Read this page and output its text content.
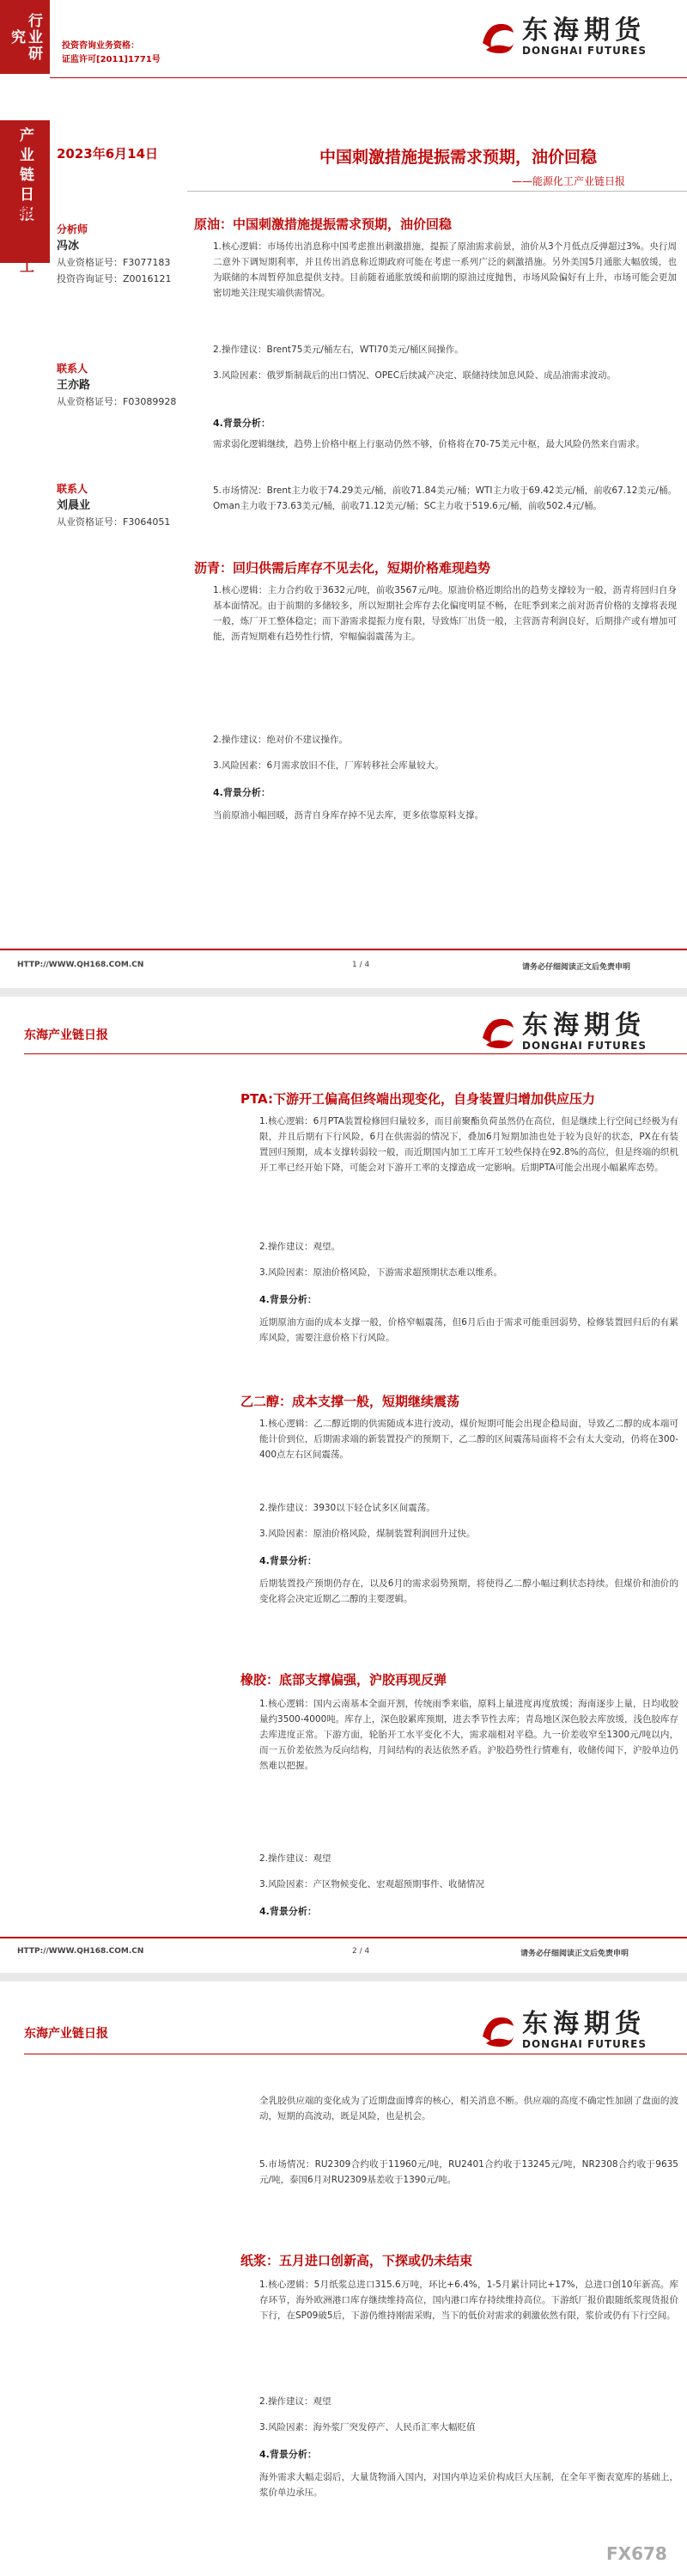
行业研究
产业链日报
能源化工
投资咨询业务资格：
证监许可[2011]1771号
东海期货
DONGHAI FUTURES
2023年6月14日	中国刺激措施提振需求预期，油价回稳
——能源化工产业链日报
分析师
冯冰
从业资格证号：F3077183
投资咨询证号：Z0016121
联系人
王亦路
从业资格证号：F03089928
联系人
刘晨业
从业资格证号：F3064051
原油：中国刺激措施提振需求预期，油价回稳
1.核心逻辑：市场传出消息称中国考虑推出刺激措施，提振了原油需求前景，油价从3个月低点反弹超过3%。央行周二意外下调短期利率，并且传出消息称近期政府可能在考虑一系列广泛的刺激措施。另外美国5月通胀大幅放缓，也为联储的本周暂停加息提供支持。目前随着通胀放缓和前期的原油过度抛售，市场风险偏好有上升，市场可能会更加密切地关注现实端供需情况。
2.操作建议：Brent75美元/桶左右，WTI70美元/桶区间操作。
3.风险因素：俄罗斯制裁后的出口情况、OPEC后续减产决定、联储持续加息风险、成品油需求波动。
4.背景分析：
需求弱化逻辑继续，趋势上价格中枢上行驱动仍然不够，价格将在70-75美元中枢，最大风险仍然来自需求。
5.市场情况：Brent主力收于74.29美元/桶，前收71.84美元/桶；WTI主力收于69.42美元/桶，前收67.12美元/桶。Oman主力收于73.63美元/桶，前收71.12美元/桶；SC主力收于519.6元/桶，前收502.4元/桶。
沥青：回归供需后库存不见去化，短期价格难现趋势
1.核心逻辑：主力合约收于3632元/吨，前收3567元/吨。原油价格近期给出的趋势支撑较为一般，沥青将回归自身基本面情况。由于前期的多储较多，所以短期社会库存去化偏度明显不畅，在旺季到来之前对沥青价格的支撑将表现一般，炼厂开工整体稳定；而下游需求提振力度有限，导致炼厂出货一般，主营沥青利润良好，后期排产或有增加可能，沥青短期难有趋势性行情，窄幅偏弱震荡为主。
2.操作建议：绝对价不建议操作。
3.风险因素：6月需求放旧不佳，厂库转移社会库量较大。
4.背景分析：
当前原油小幅回暖，沥青自身库存掉不见去库，更多依靠原料支撑。
HTTP://WWW.QH168.COM.CN	1 / 4	请务必仔细阅读正文后免责申明
东海产业链日报	东海期货
DONGHAI FUTURES
PTA:下游开工偏高但终端出现变化，自身装置归增加供应压力
1.核心逻辑：6月PTA装置检修回归量较多，而目前聚酯负荷虽然仍在高位，但是继续上行空间已经极为有限，并且后期有下行风险，6月在供需弱的情况下，叠加6月短期加油也处于较为良好的状态，PX在有装置回归预期，成本支撑转弱较一般，而近期国内加工工库开工较些保持在92.8%的高位，但是终端的织机开工率已经开始下降，可能会对下游开工率的支撑造成一定影响。后期PTA可能会出现小幅累库态势。
2.操作建议：观望。
3.风险因素：原油价格风险，下游需求超预期状态难以维系。
4.背景分析：
近期原油方面的成本支撑一般，价格窄幅震荡，但6月后由于需求可能重回弱势，检修装置回归后的有累库风险，需要注意价格下行风险。
乙二醇：成本支撑一般，短期继续震荡
1.核心逻辑：乙二醇近期的供需随成本进行波动，煤价短期可能会出现企稳局面，导致乙二醇的成本端可能计价到位，后期需求端的新装置投产的预期下，乙二醇的区间震荡局面将不会有太大变动，仍将在300-400点左右区间震荡。
2.操作建议：3930以下轻仓试多区间震荡。
3.风险因素：原油价格风险，煤制装置利润回升过快。
4.背景分析：
后期装置投产预期仍存在，以及6月的需求弱势预期，将使得乙二醇小幅过剩状态持续。但煤价和油价的变化将会决定近期乙二醇的主要逻辑。
橡胶：底部支撑偏强，沪胶再现反弹
1.核心逻辑：国内云南基本全面开割，传统雨季来临，原料上量进度再度放缓；海南逐步上量，日均收胶量约3500-4000吨。库存上，深色胶累库预期，进去季节性去库；青岛地区深色胶去库放缓，浅色胶库存去库进度正常。下游方面，轮胎开工水平变化不大，需求端相对平稳。九一价差收窄至1300元/吨以内，而一五价差依然为反向结构，月间结构的表达依然矛盾。沪胶趋势性行情难有，收储传闻下，沪胶单边仍然难以把握。
2.操作建议：观望
3.风险因素：产区物候变化、宏观超预期事件、收储情况
4.背景分析：
HTTP://WWW.QH168.COM.CN	2 / 4	请务必仔细阅读正文后免责申明
东海产业链日报	东海期货
DONGHAI FUTURES
全乳胶供应端的变化成为了近期盘面博弈的核心，相关消息不断。供应端的高度不确定性加剧了盘面的波动，短期的高波动，既是风险，也是机会。
5.市场情况：RU2309合约收于11960元/吨，RU2401合约收于13245元/吨，NR2308合约收于9635元/吨，泰国6月对RU2309基差收于1390元/吨。
纸浆：五月进口创新高，下探或仍未结束
1.核心逻辑：5月纸浆总进口315.6万吨，环比+6.4%，1-5月累计同比+17%，总进口创10年新高。库存环节，海外欧洲港口库存继续维持高位，国内港口库存持续维持高位。下游纸厂报价跟随纸浆现货报价下行，在SP09破5后，下游仍维持刚需采购，当下的低价对需求的刺激依然有限，浆价或仍有下行空间。
2.操作建议：观望
3.风险因素：海外浆厂突发停产、人民币汇率大幅贬值
4.背景分析：
海外需求大幅走弱后，大量货物涌入国内，对国内单边采价构成巨大压制，在全年平衡表宽库的基础上，浆价单边承压。
FX678
